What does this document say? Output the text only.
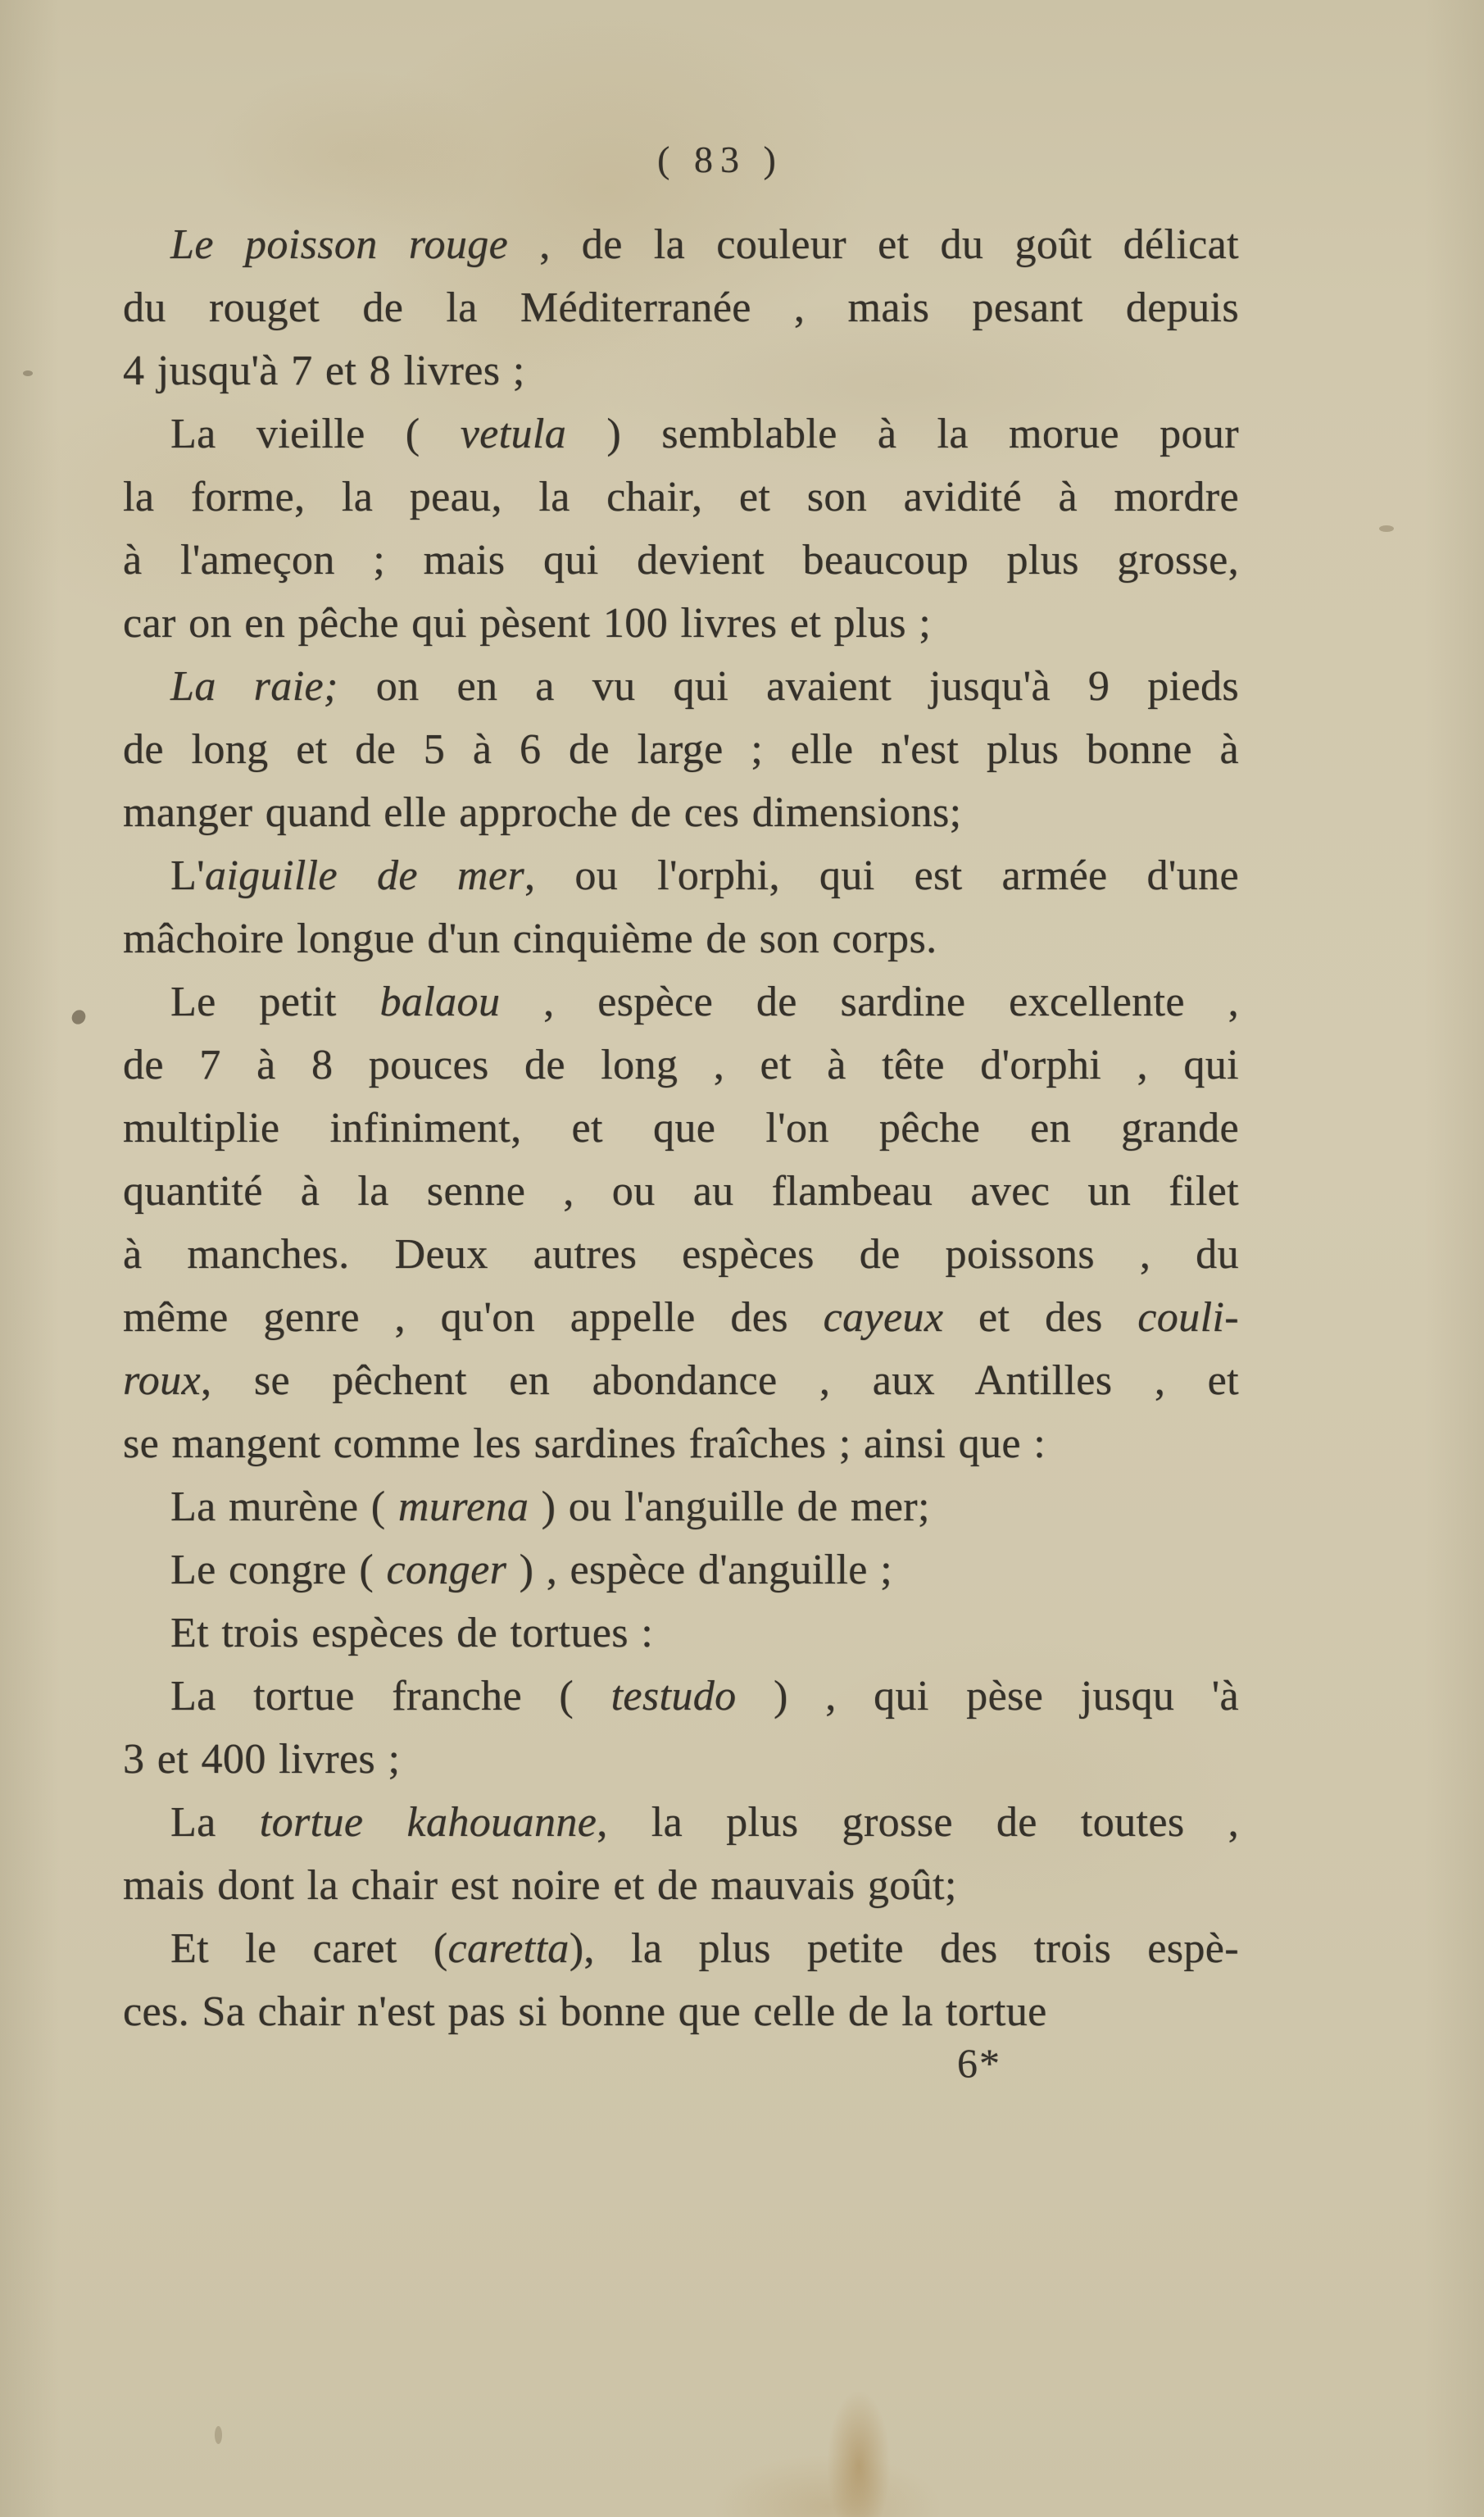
( 83 )
Le poisson rouge , de la couleur et du goût délicat
du rouget de la Méditerranée , mais pesant depuis
4 jusqu'à 7 et 8 livres ;
La vieille ( vetula ) semblable à la morue pour
la forme, la peau, la chair, et son avidité à mordre
à l'ameçon ; mais qui devient beaucoup plus grosse,
car on en pêche qui pèsent 100 livres et plus ;
La raie; on en a vu qui avaient jusqu'à 9 pieds
de long et de 5 à 6 de large ; elle n'est plus bonne à
manger quand elle approche de ces dimensions;
L'aiguille de mer, ou l'orphi, qui est armée d'une
mâchoire longue d'un cinquième de son corps.
Le petit balaou , espèce de sardine excellente ,
de 7 à 8 pouces de long , et à tête d'orphi , qui
multiplie infiniment, et que l'on pêche en grande
quantité à la senne , ou au flambeau avec un filet
à manches. Deux autres espèces de poissons , du
même genre , qu'on appelle des cayeux et des couli-
roux, se pêchent en abondance , aux Antilles , et
se mangent comme les sardines fraîches ; ainsi que :
La murène ( murena ) ou l'anguille de mer;
Le congre ( conger ) , espèce d'anguille ;
Et trois espèces de tortues :
La tortue franche ( testudo ) , qui pèse jusqu 'à
3 et 400 livres ;
La tortue kahouanne, la plus grosse de toutes ,
mais dont la chair est noire et de mauvais goût;
Et le caret (caretta), la plus petite des trois espè-
ces. Sa chair n'est pas si bonne que celle de la tortue
6*
